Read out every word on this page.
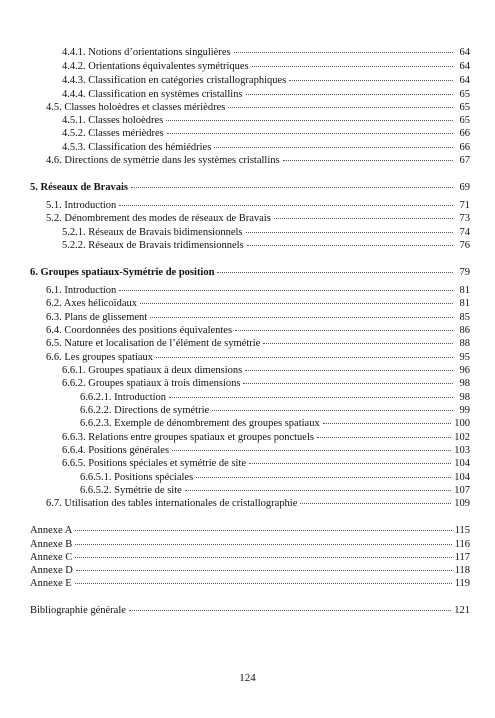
4.4.1. Notions d’orientations singulières	64
4.4.2. Orientations équivalentes symétriques	64
4.4.3. Classification en catégories cristallographiques	64
4.4.4. Classification en systèmes cristallins	65
4.5. Classes holoèdres et classes mérièdres	65
4.5.1. Classes holoèdres	65
4.5.2. Classes mérièdres	66
4.5.3. Classification des hémiédries	66
4.6. Directions de symétrie dans les systèmes cristallins	67
5. Réseaux de Bravais	69
5.1. Introduction	71
5.2. Dénombrement des modes de réseaux de Bravais	73
5.2.1. Réseaux de Bravais bidimensionnels	74
5.2.2. Réseaux de Bravais tridimensionnels	76
6. Groupes spatiaux-Symétrie de position	79
6.1. Introduction	81
6.2. Axes hélicoïdaux	81
6.3. Plans de glissement	85
6.4. Coordonnées des positions équivalentes	86
6.5. Nature et localisation de l’élément de symétrie	88
6.6. Les groupes spatiaux	95
6.6.1. Groupes spatiaux à deux dimensions	96
6.6.2. Groupes spatiaux à trois dimensions	98
6.6.2.1. Introduction	98
6.6.2.2. Directions de symétrie	99
6.6.2.3. Exemple de dénombrement des groupes spatiaux	100
6.6.3. Relations entre groupes spatiaux et groupes ponctuels	102
6.6.4. Positions générales	103
6.6.5. Positions spéciales et symétrie de site	104
6.6.5.1. Positions spéciales	104
6.6.5.2. Symétrie de site	107
6.7. Utilisation des tables internationales de cristallographie	109
Annexe A	115
Annexe B	116
Annexe C	117
Annexe D	118
Annexe E	119
Bibliographie générale	121
124
